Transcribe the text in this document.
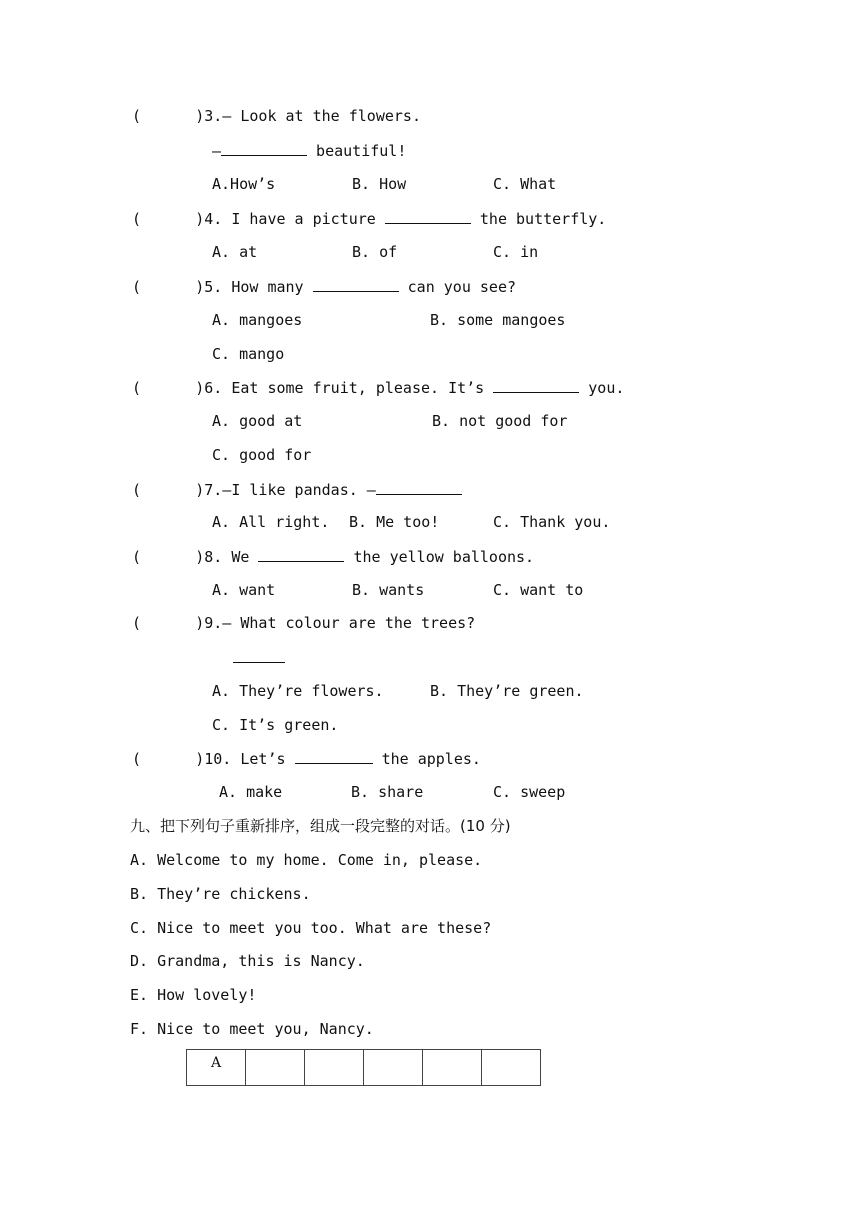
(      )3.— Look at the flowers.
—	beautiful!
A.How’s	B. How	C. What
(      )4. I have a picture	the butterfly.
A. at	B. of	C. in
(      )5. How many	can you see?
A. mangoes	B. some mangoes
C. mango
(      )6. Eat some fruit, please. It’s	you.
A. good at	B. not good for
C. good for
(      )7.—I like pandas. —
A. All right. B. Me too!	C. Thank you.
(      )8. We	the yellow balloons.
A. want	B. wants	C. want to
(      )9.— What colour are the trees?
A. They’re flowers.	B. They’re green.
C. It’s green.
(      )10. Let’s	the apples.
A. make	B. share	C. sweep
九、把下列句子重新排序，组成一段完整的对话。(10 分)
A. Welcome to my home. Come in, please.
B. They’re chickens.
C. Nice to meet you too. What are these?
D. Grandma, this is Nancy.
E. How lovely!
F. Nice to meet you, Nancy.
A					
